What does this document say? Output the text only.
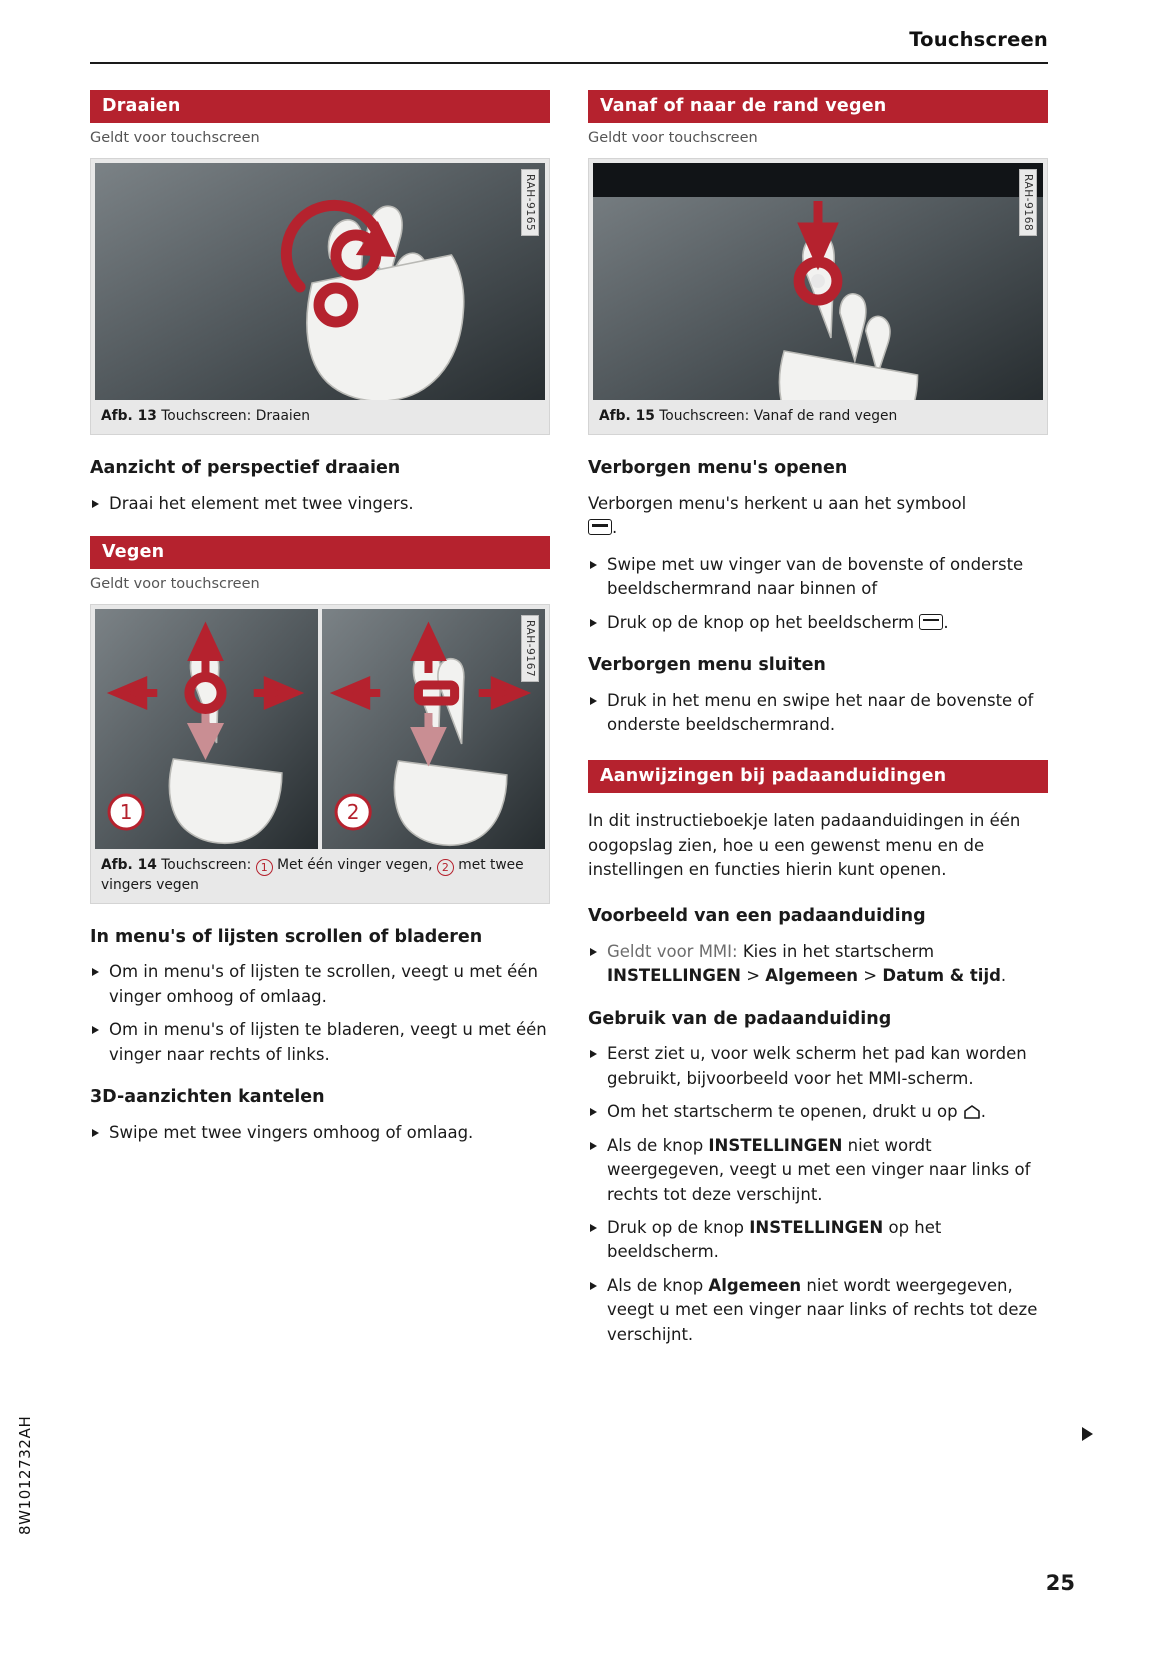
Touchscreen
8W1012732AH
25
Draaien
Geldt voor touchscreen
RAH-9165
Afb. 13 Touchscreen: Draaien
Aanzicht of perspectief draaien
Draai het element met twee vingers.
Vegen
Geldt voor touchscreen
1	2
RAH-9167
Afb. 14 Touchscreen: 1 Met één vinger vegen, 2 met twee vingers vegen
In menu's of lijsten scrollen of bladeren
Om in menu's of lijsten te scrollen, veegt u met één vinger omhoog of omlaag.
Om in menu's of lijsten te bladeren, veegt u met één vinger naar rechts of links.
3D-aanzichten kantelen
Swipe met twee vingers omhoog of omlaag.
Vanaf of naar de rand vegen
Geldt voor touchscreen
RAH-9168
Afb. 15 Touchscreen: Vanaf de rand vegen
Verborgen menu's openen

Verborgen menu's herkent u aan het symbool
.

Swipe met uw vinger van de bovenste of onderste beeldschermrand naar binnen of
Druk op de knop op het beeldscherm .
Verborgen menu sluiten
Druk in het menu en swipe het naar de bovenste of onderste beeldschermrand.
Aanwijzingen bij padaanduidingen

In dit instructieboekje laten padaanduidingen in één oogopslag zien, hoe u een gewenst menu en de instellingen en functies hierin kunt openen.

Voorbeeld van een padaanduiding
Geldt voor MMI: Kies in het startscherm
INSTELLINGEN > Algemeen > Datum & tijd.
Gebruik van de padaanduiding
Eerst ziet u, voor welk scherm het pad kan worden gebruikt, bijvoorbeeld voor het MMI-scherm.
Om het startscherm te openen, drukt u op .
Als de knop INSTELLINGEN niet wordt weergegeven, veegt u met een vinger naar links of rechts tot deze verschijnt.
Druk op de knop INSTELLINGEN op het beeldscherm.
Als de knop Algemeen niet wordt weergegeven, veegt u met een vinger naar links of rechts tot deze verschijnt.
